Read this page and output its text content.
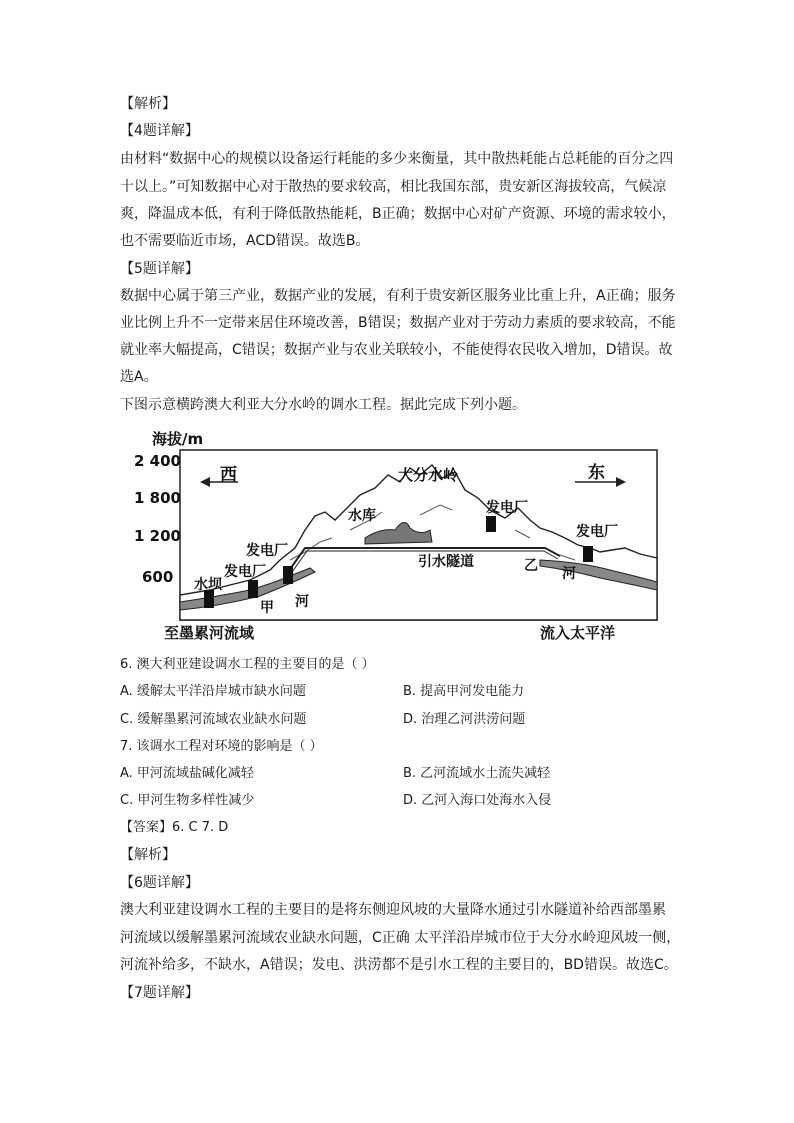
【解析】
【4题详解】
由材料“数据中心的规模以设备运行耗能的多少来衡量，其中散热耗能占总耗能的百分之四
十以上。”可知数据中心对于散热的要求较高，相比我国东部，贵安新区海拔较高，气候凉
爽，降温成本低，有利于降低散热能耗，B正确；数据中心对矿产资源、环境的需求较小，
也不需要临近市场，ACD错误。故选B。
【5题详解】
数据中心属于第三产业，数据产业的发展，有利于贵安新区服务业比重上升，A正确；服务
业比例上升不一定带来居住环境改善，B错误；数据产业对于劳动力素质的要求较高，不能
就业率大幅提高，C错误；数据产业与农业关联较小，不能使得农民收入增加，D错误。故
选A。
下图示意横跨澳大利亚大分水岭的调水工程。据此完成下列小题。
海拔/m
2 400
1 800
1 200
600
西	东
大分水岭
水库	发电厂
发电厂
发电厂
发电厂
水坝
引水隧道
甲 河
乙 河
至墨累河流域	流入太平洋
6. 澳大利亚建设调水工程的主要目的是（ ）
A. 缓解太平洋沿岸城市缺水问题	B. 提高甲河发电能力
C. 缓解墨累河流域农业缺水问题	D. 治理乙河洪涝问题
7. 该调水工程对环境的影响是（ ）
A. 甲河流域盐碱化减轻	B. 乙河流域水土流失减轻
C. 甲河生物多样性减少	D. 乙河入海口处海水入侵
【答案】6. C 7. D
【解析】
【6题详解】
澳大利亚建设调水工程的主要目的是将东侧迎风坡的大量降水通过引水隧道补给西部墨累
河流域以缓解墨累河流域农业缺水问题，C正确 太平洋沿岸城市位于大分水岭迎风坡一侧，
河流补给多，不缺水，A错误；发电、洪涝都不是引水工程的主要目的，BD错误。故选C。
【7题详解】
